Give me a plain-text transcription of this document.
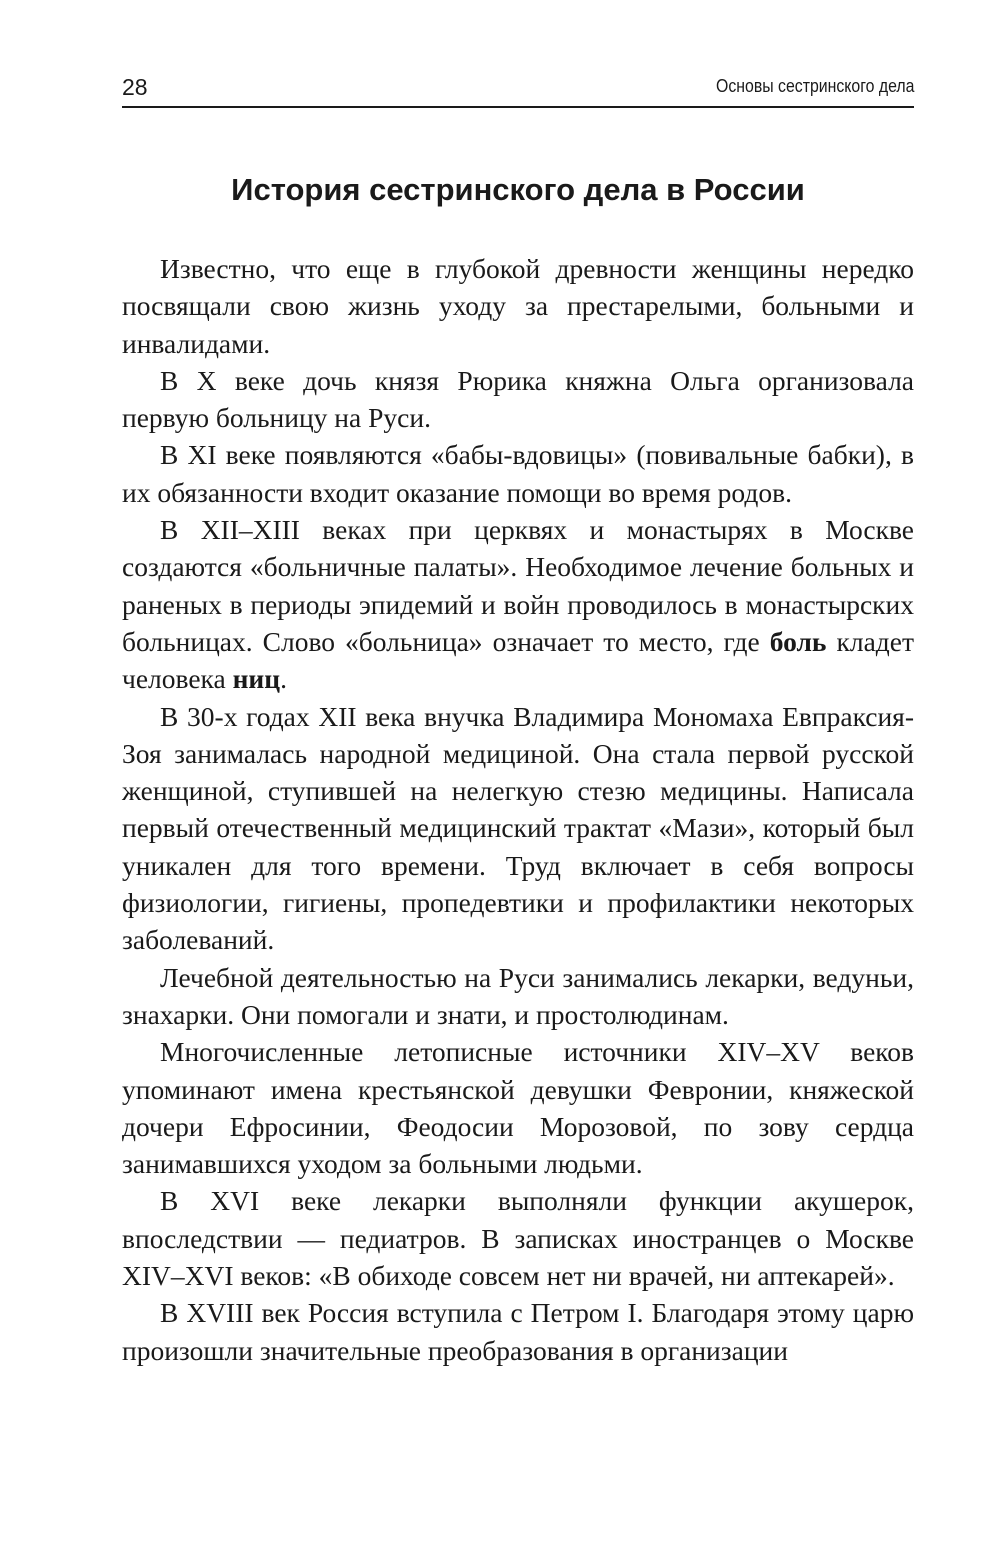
28	Основы сестринского дела
История сестринского дела в России

Известно, что еще в глубокой древности женщины нередко посвящали свою жизнь уходу за престарелыми, больными и инвалидами.

В X веке дочь князя Рюрика княжна Ольга организовала первую больницу на Руси.

В XI веке появляются «бабы-вдовицы» (повивальные бабки), в их обязанности входит оказание помощи во время родов.

В XII–XIII веках при церквях и монастырях в Москве создаются «больничные палаты». Необходимое лечение больных и раненых в периоды эпидемий и войн проводилось в монастырских больницах. Слово «больница» означает то место, где боль кладет человека ниц.

В 30-х годах XII века внучка Владимира Мономаха Евпраксия-Зоя занималась народной медициной. Она стала первой русской женщиной, ступившей на нелегкую стезю медицины. Написала первый отечественный медицинский трактат «Мази», который был уникален для того времени. Труд включает в себя вопросы физиологии, гигиены, пропедевтики и профилактики некоторых заболеваний.

Лечебной деятельностью на Руси занимались лекарки, ведуньи, знахарки. Они помогали и знати, и простолюдинам.

Многочисленные летописные источники XIV–XV веков упоминают имена крестьянской девушки Февронии, княжеской дочери Ефросинии, Феодосии Морозовой, по зову сердца занимавшихся уходом за больными людьми.

В XVI веке лекарки выполняли функции акушерок, впоследствии — педиатров. В записках иностранцев о Москве XIV–XVI веков: «В обиходе совсем нет ни врачей, ни аптекарей».

В XVIII век Россия вступила с Петром I. Благодаря этому царю произошли значительные преобразования в организации
